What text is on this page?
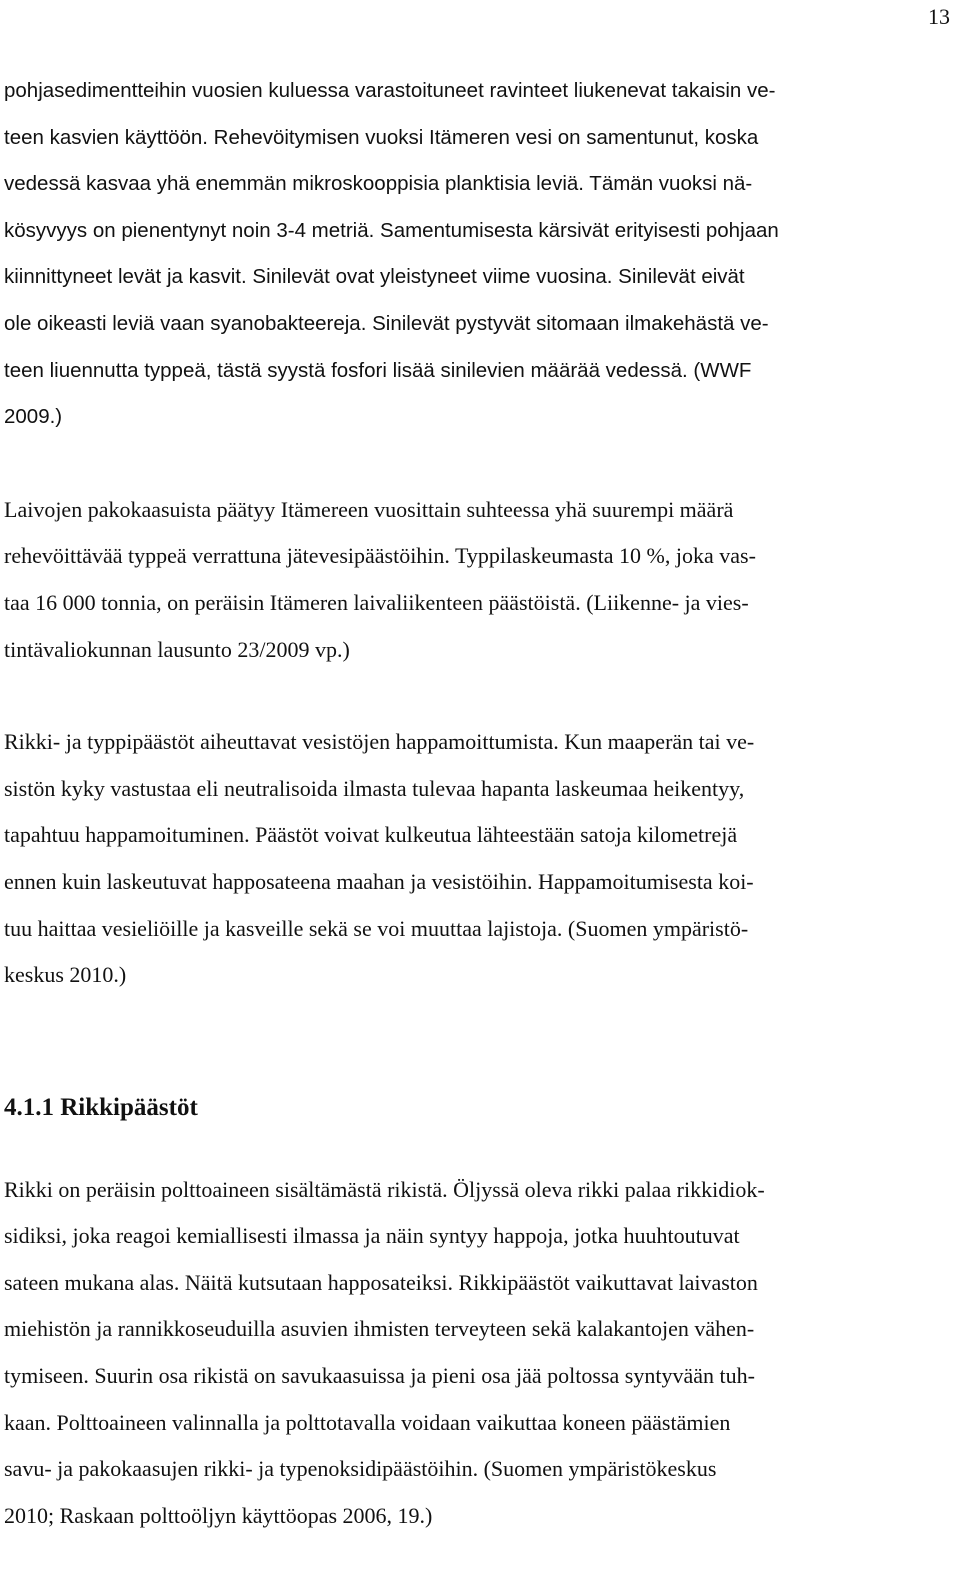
13

pohjasedimentteihin vuosien kuluessa varastoituneet ravinteet liukenevat takaisin ve-
teen kasvien käyttöön. Rehevöitymisen vuoksi Itämeren vesi on samentunut, koska
vedessä kasvaa yhä enemmän mikroskooppisia planktisia leviä. Tämän vuoksi nä-
kösyvyys on pienentynyt noin 3-4 metriä. Samentumisesta kärsivät erityisesti pohjaan
kiinnittyneet levät ja kasvit. Sinilevät ovat yleistyneet viime vuosina. Sinilevät eivät
ole oikeasti leviä vaan syanobakteereja. Sinilevät pystyvät sitomaan ilmakehästä ve-
teen liuennutta typpeä, tästä syystä fosfori lisää sinilevien määrää vedessä. (WWF
2009.)

Laivojen pakokaasuista päätyy Itämereen vuosittain suhteessa yhä suurempi määrä
rehevöittävää typpeä verrattuna jätevesipäästöihin. Typpilaskeumasta 10 %, joka vas-
taa 16 000 tonnia, on peräisin Itämeren laivaliikenteen päästöistä. (Liikenne- ja vies-
tintävaliokunnan lausunto 23/2009 vp.)

Rikki- ja typpipäästöt aiheuttavat vesistöjen happamoittumista. Kun maaperän tai ve-
sistön kyky vastustaa eli neutralisoida ilmasta tulevaa hapanta laskeumaa heikentyy,
tapahtuu happamoituminen. Päästöt voivat kulkeutua lähteestään satoja kilometrejä
ennen kuin laskeutuvat happosateena maahan ja vesistöihin. Happamoitumisesta koi-
tuu haittaa vesieliöille ja kasveille sekä se voi muuttaa lajistoja. (Suomen ympäristö-
keskus 2010.)

4.1.1 Rikkipäästöt

Rikki on peräisin polttoaineen sisältämästä rikistä. Öljyssä oleva rikki palaa rikkidiok-
sidiksi, joka reagoi kemiallisesti ilmassa ja näin syntyy happoja, jotka huuhtoutuvat
sateen mukana alas. Näitä kutsutaan happosateiksi. Rikkipäästöt vaikuttavat laivaston
miehistön ja rannikkoseuduilla asuvien ihmisten terveyteen sekä kalakantojen vähen-
tymiseen. Suurin osa rikistä on savukaasuissa ja pieni osa jää poltossa syntyvään tuh-
kaan. Polttoaineen valinnalla ja polttotavalla voidaan vaikuttaa koneen päästämien
savu- ja pakokaasujen rikki- ja typenoksidipäästöihin. (Suomen ympäristökeskus
2010; Raskaan polttoöljyn käyttöopas 2006, 19.)
